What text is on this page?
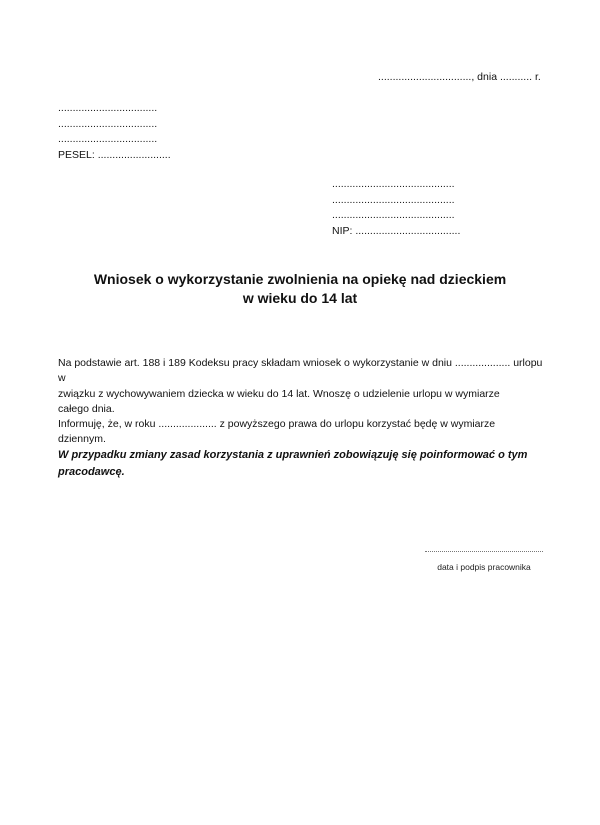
................................, dnia ........... r.
..................................
..................................
..................................
PESEL: .........................
..........................................
..........................................
..........................................
NIP: ....................................
Wniosek o wykorzystanie zwolnienia na opiekę nad dzieckiem
w wieku do 14 lat
Na podstawie art. 188 i 189 Kodeksu pracy składam wniosek o wykorzystanie w dniu ................... urlopu w
związku z wychowywaniem dziecka w wieku do 14 lat. Wnoszę o udzielenie urlopu w wymiarze
całego dnia.
Informuję, że, w roku .................... z powyższego prawa do urlopu korzystać będę w wymiarze
dziennym.
W przypadku zmiany zasad korzystania z uprawnień zobowiązuję się poinformować o tym
pracodawcę.
data i podpis pracownika
